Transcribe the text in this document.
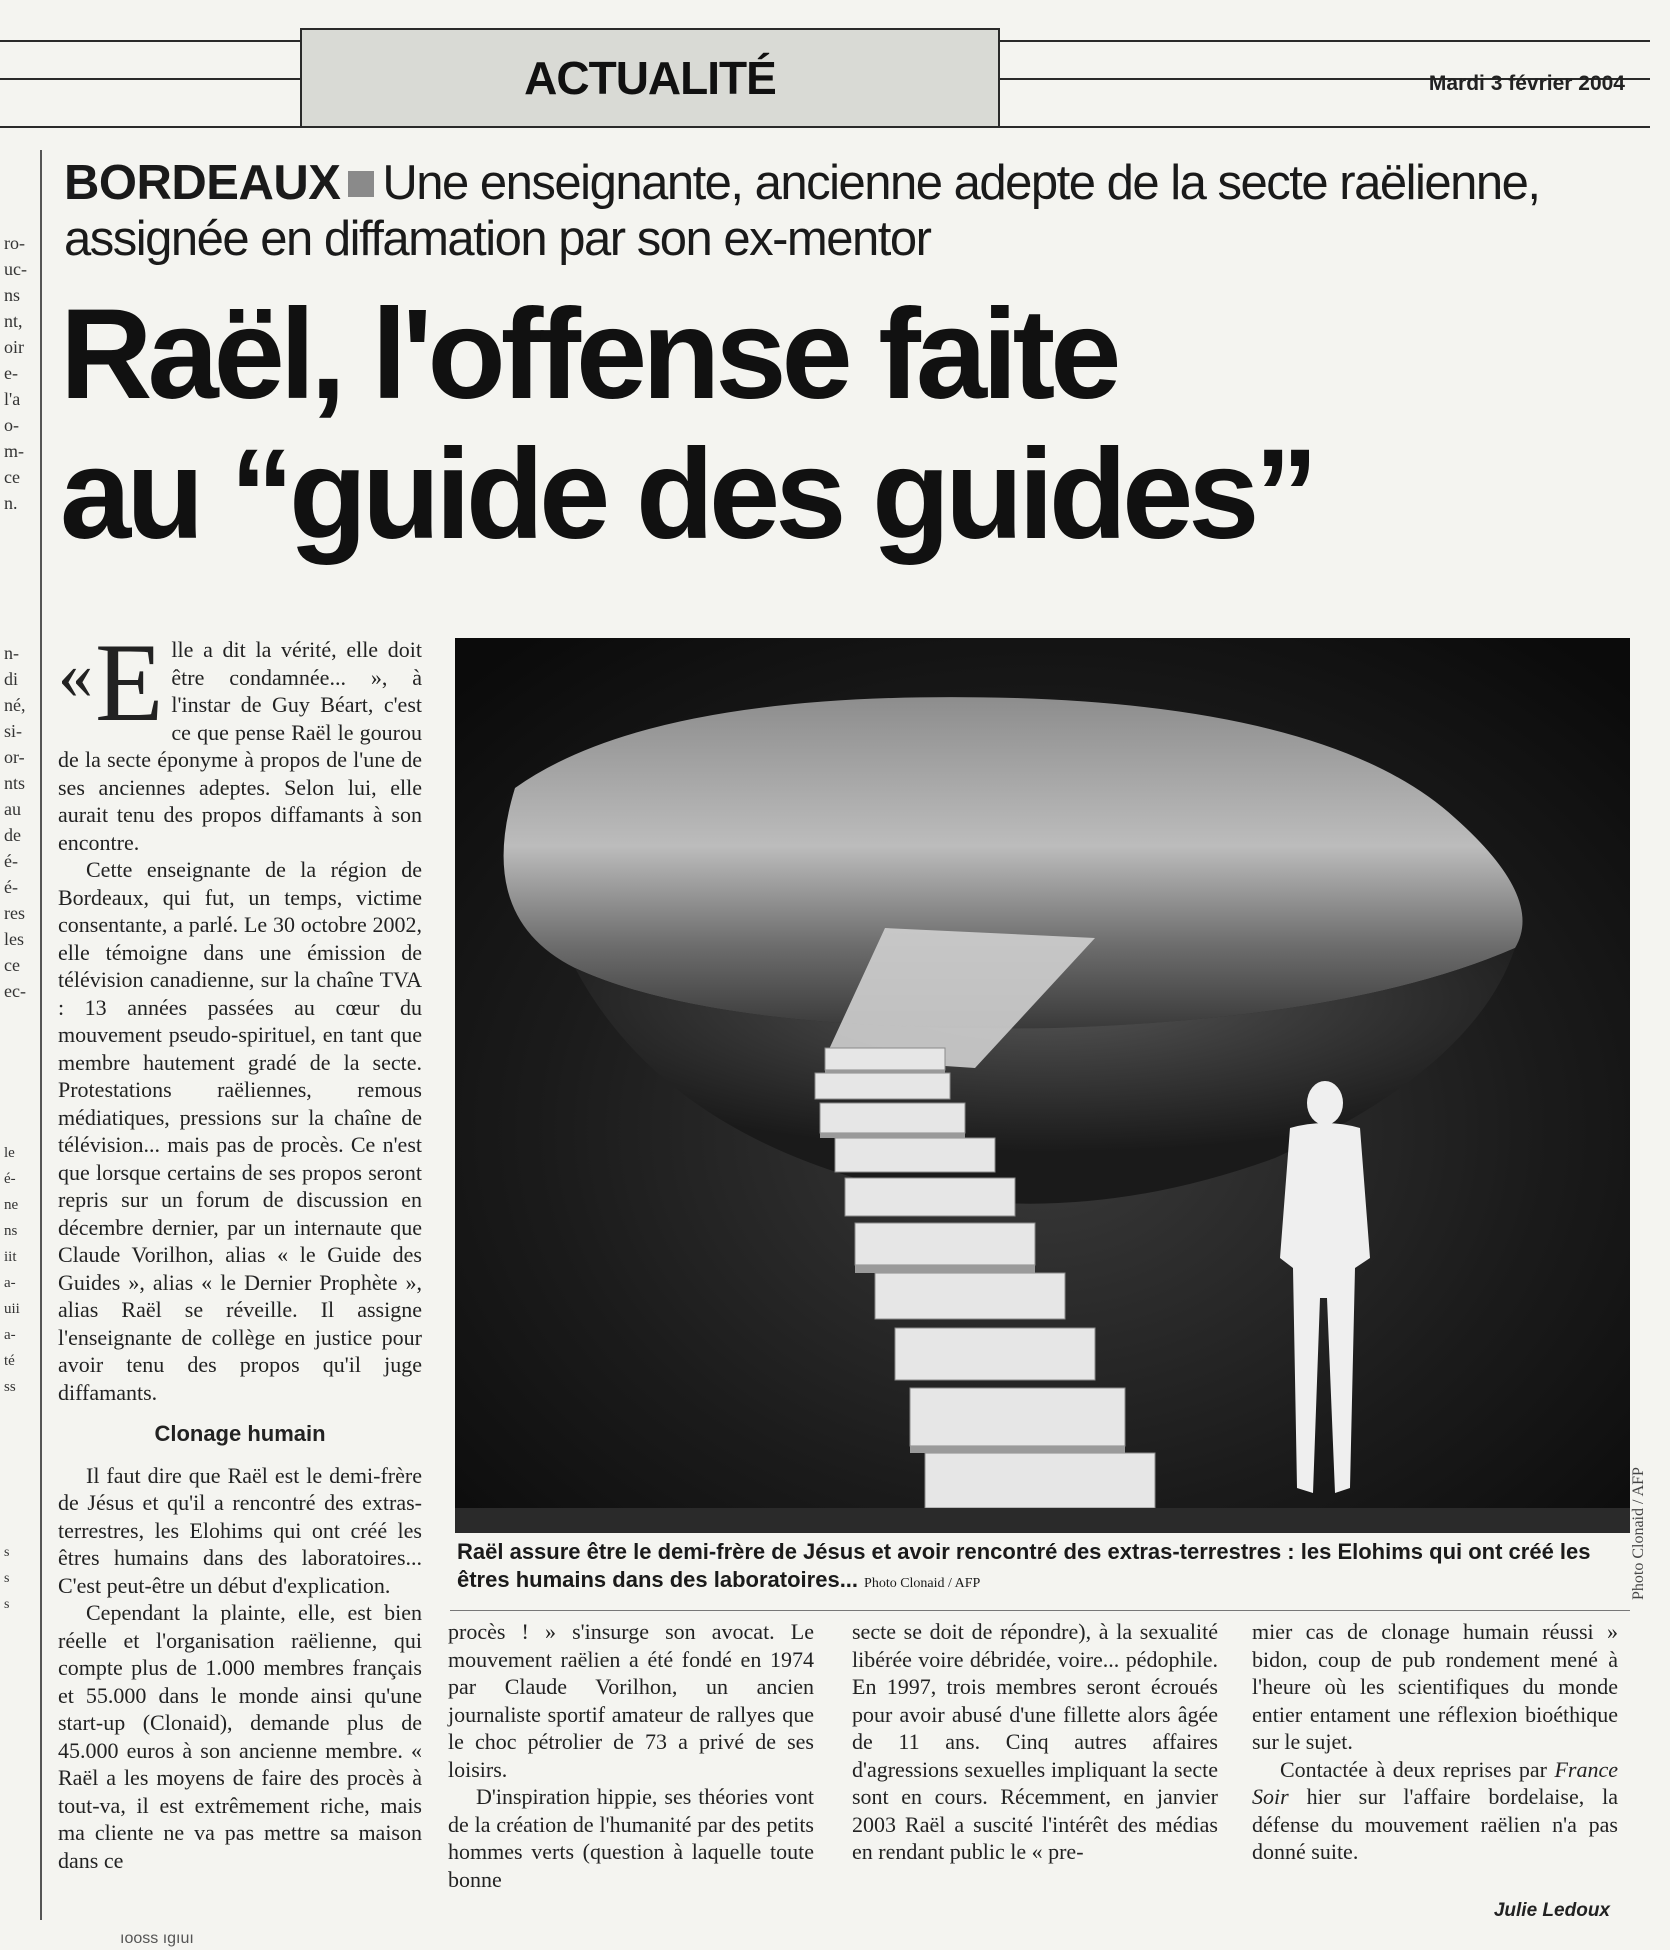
ACTUALITÉ	Mardi 3 février 2004
ro-
uc-
ns
nt,
oir
e-
l'a
o-
m-
ce
n.
n-
di
né,
si-
or-
nts
au
de
é-
é-
res
les
ce
ec-
le
é-
ne
ns
iit
a-
uii
a-
té
ss
s
s
s
BORDEAUX Une enseignante, ancienne adepte de la secte raëlienne, assignée en diffamation par son ex-mentor
Raël, l'offense faite
au “guide des guides”

« E lle a dit la vérité, elle doit être condamnée... », à l'instar de Guy Béart, c'est ce que pense Raël le gourou de la secte éponyme à propos de l'une de ses anciennes adeptes. Selon lui, elle aurait tenu des propos diffamants à son encontre.

Cette enseignante de la région de Bordeaux, qui fut, un temps, victime consentante, a parlé. Le 30 octobre 2002, elle témoigne dans une émission de télévision canadienne, sur la chaîne TVA : 13 années passées au cœur du mouvement pseudo-spirituel, en tant que membre hautement gradé de la secte. Protestations raëliennes, remous médiatiques, pressions sur la chaîne de télévision... mais pas de procès. Ce n'est que lorsque certains de ses propos seront repris sur un forum de discussion en décembre dernier, par un internaute que Claude Vorilhon, alias « le Guide des Guides », alias « le Dernier Prophète », alias Raël se réveille. Il assigne l'enseignante de collège en justice pour avoir tenu des propos qu'il juge diffamants.

Clonage humain

Il faut dire que Raël est le demi-frère de Jésus et qu'il a rencontré des extras-terrestres, les Elohims qui ont créé les êtres humains dans des laboratoires... C'est peut-être un début d'explication.

Cependant la plainte, elle, est bien réelle et l'organisation raëlienne, qui compte plus de 1.000 membres français et 55.000 dans le monde ainsi qu'une start-up (Clonaid), demande plus de 45.000 euros à son ancienne membre. « Raël a les moyens de faire des procès à tout-va, il est extrêmement riche, mais ma cliente ne va pas mettre sa maison dans ce

Photo Clonaid / AFP
Raël assure être le demi-frère de Jésus et avoir rencontré des extras-terrestres : les Elohims qui ont créé les êtres humains dans des laboratoires... Photo Clonaid / AFP

procès ! » s'insurge son avocat. Le mouvement raëlien a été fondé en 1974 par Claude Vorilhon, un ancien journaliste sportif amateur de rallyes que le choc pétrolier de 73 a privé de ses loisirs.

D'inspiration hippie, ses théories vont de la création de l'humanité par des petits hommes verts (question à laquelle toute bonne

secte se doit de répondre), à la sexualité libérée voire débridée, voire... pédophile. En 1997, trois membres seront écroués pour avoir abusé d'une fillette alors âgée de 11 ans. Cinq autres affaires d'agressions sexuelles impliquant la secte sont en cours. Récemment, en janvier 2003 Raël a suscité l'intérêt des médias en rendant public le « pre-

mier cas de clonage humain réussi » bidon, coup de pub rondement mené à l'heure où les scientifiques du monde entier entament une réflexion bioéthique sur le sujet.

Contactée à deux reprises par France Soir hier sur l'affaire bordelaise, la défense du mouvement raëlien n'a pas donné suite.

Julie Ledoux
ıooss ıgıuı
